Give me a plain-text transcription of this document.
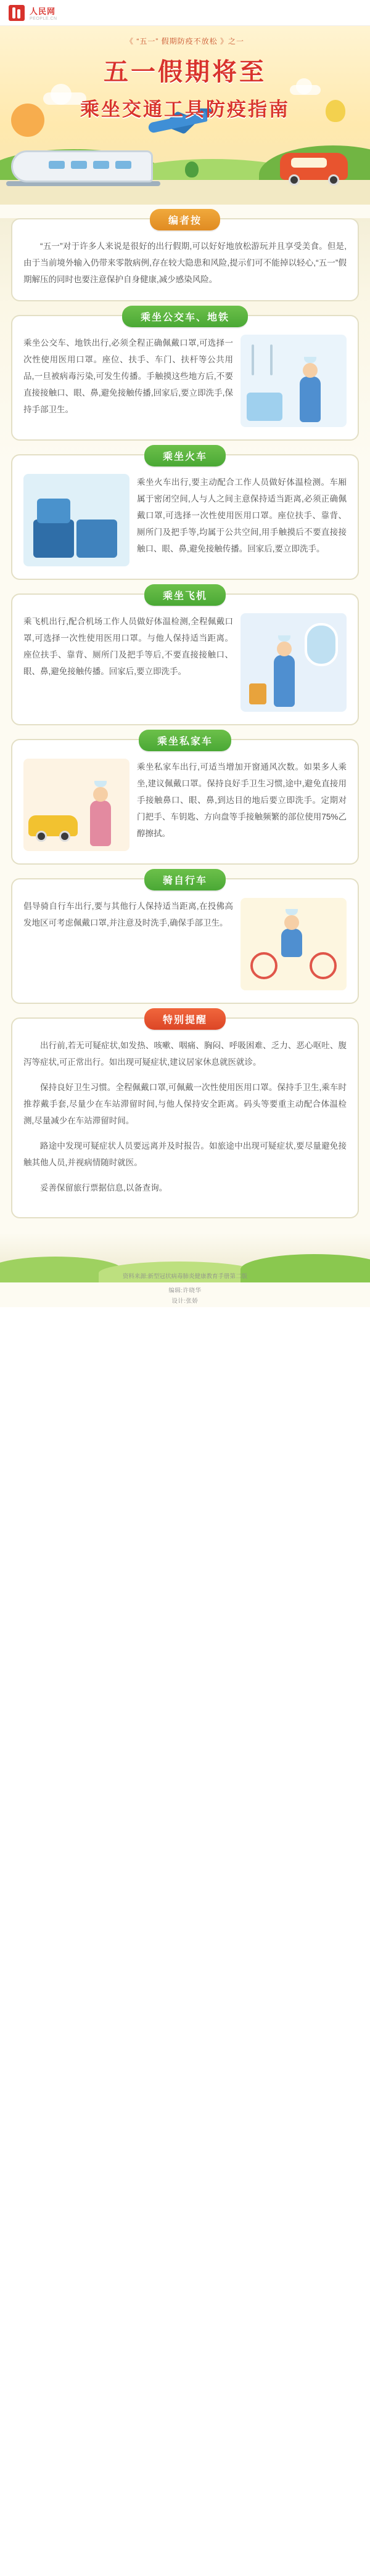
人民网
PEOPLE.CN
《 “五一” 假期防疫不放松 》之一
五一假期将至
乘坐交通工具防疫指南
编者按

“五一”对于许多人来说是很好的出行假期,可以好好地放松游玩并且享受美食。但是,由于当前境外输入仍带来零散病例,存在较大隐患和风险,提示们可不能掉以轻心,“五一”假期解压的同时也要注意保护自身健康,减少感染风险。

乘坐公交车、地铁

乘坐公交车、地铁出行,必须全程正确佩戴口罩,可选择一次性使用医用口罩。座位、扶手、车门、扶杆等公共用品,一旦被病毒污染,可发生传播。手触摸这些地方后,不要直接接触口、眼、鼻,避免接触传播,回家后,要立即洗手,保持手部卫生。

乘坐火车

乘坐火车出行,要主动配合工作人员做好体温检测。车厢属于密闭空间,人与人之间主意保持适当距离,必须正确佩戴口罩,可选择一次性使用医用口罩。座位扶手、靠背、厕所门及把手等,均属于公共空间,用手触摸后不要直接接触口、眼、鼻,避免接触传播。回家后,要立即洗手。

乘坐飞机

乘飞机出行,配合机场工作人员做好体温检测,全程佩戴口罩,可选择一次性使用医用口罩。与他人保持适当距离。座位扶手、靠背、厕所门及把手等后,不要直接接触口、眼、鼻,避免接触传播。回家后,要立即洗手。

乘坐私家车

乘坐私家车出行,可适当增加开窗通风次数。如果多人乘坐,建议佩戴口罩。保持良好手卫生习惯,途中,避免直接用手接触鼻口、眼、鼻,到达目的地后要立即洗手。定期对门把手、车钥匙、方向盘等手接触频繁的部位使用75%乙醇擦拭。

骑自行车

倡导骑自行车出行,要与其他行人保持适当距离,在投佛高发地区可考虑佩戴口罩,并注意及时洗手,确保手部卫生。

特别提醒

出行前,若无可疑症状,如发热、咳嗽、咽痛、胸闷、呼吸困难、乏力、恶心呕吐、腹泻等症状,可正常出行。如出现可疑症状,建议居家休息就医就诊。

保持良好卫生习惯。全程佩戴口罩,可佩戴一次性使用医用口罩。保持手卫生,乘车时推荐戴手套,尽量少在车站滞留时间,与他人保持安全距离。码头等要重主动配合体温检测,尽量减少在车站滞留时间。

路途中发现可疑症状人员要远离并及时报告。如旅途中出现可疑症状,要尽量避免接触其他人员,并视病情随时就医。

妥善保留旅行票据信息,以备查询。

资料来源:新型冠状病毒肺炎健康教育手册第二版
编辑:许晓华
设计:张娇
